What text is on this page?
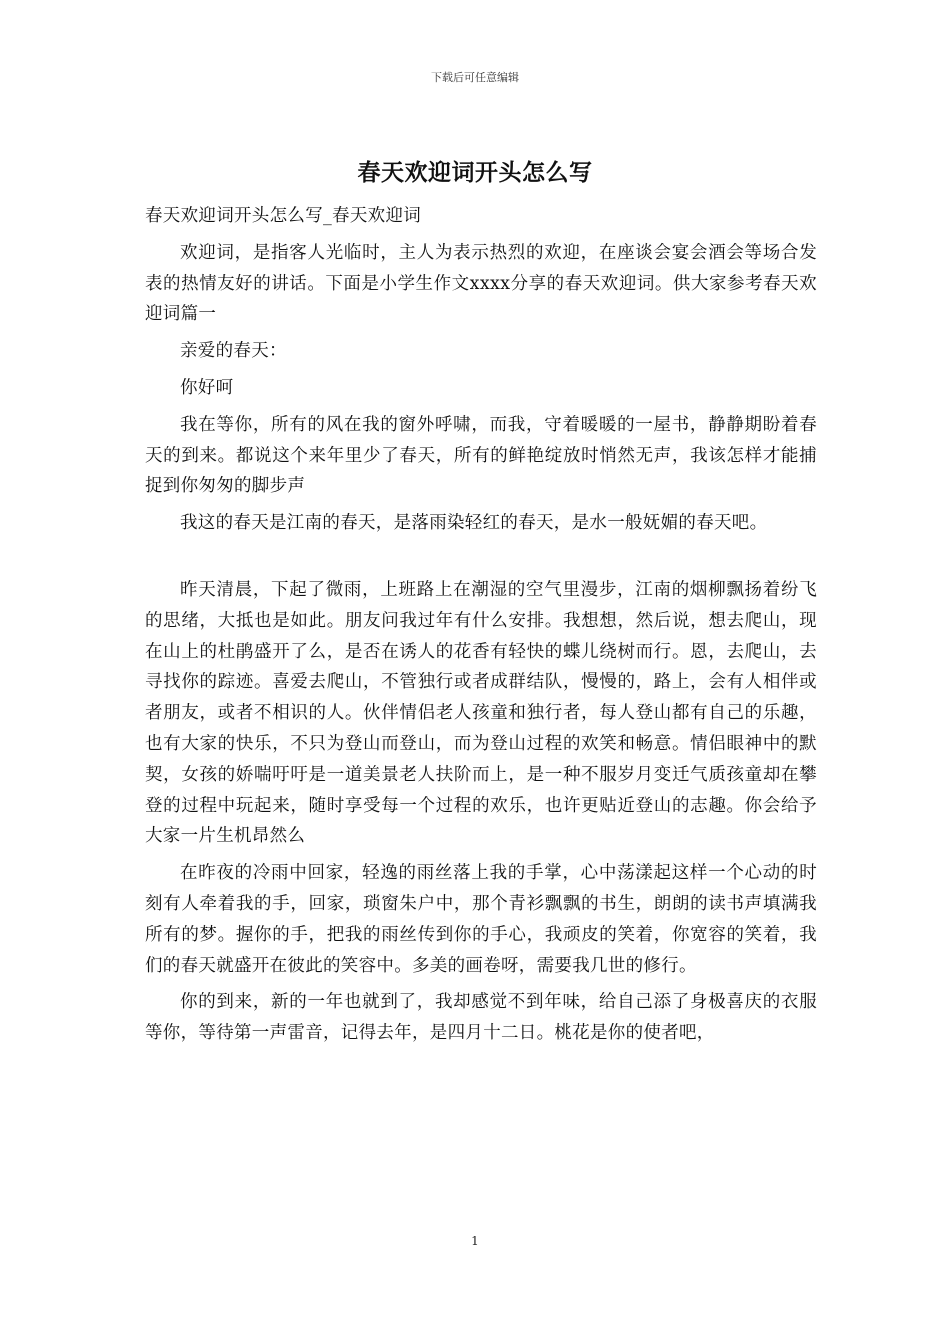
下载后可任意编辑
春天欢迎词开头怎么写

春天欢迎词开头怎么写_春天欢迎词

欢迎词，是指客人光临时，主人为表示热烈的欢迎，在座谈会宴会酒会等场合发表的热情友好的讲话。下面是小学生作文xxxx分享的春天欢迎词。供大家参考春天欢迎词篇一

亲爱的春天：

你好呵

我在等你，所有的风在我的窗外呼啸，而我，守着暖暖的一屋书，静静期盼着春天的到来。都说这个来年里少了春天，所有的鲜艳绽放时悄然无声，我该怎样才能捕捉到你匆匆的脚步声

我这的春天是江南的春天，是落雨染轻红的春天，是水一般妩媚的春天吧。

昨天清晨，下起了微雨，上班路上在潮湿的空气里漫步，江南的烟柳飘扬着纷飞的思绪，大抵也是如此。朋友问我过年有什么安排。我想想，然后说，想去爬山，现在山上的杜鹃盛开了么，是否在诱人的花香有轻快的蝶儿绕树而行。恩，去爬山，去寻找你的踪迹。喜爱去爬山，不管独行或者成群结队，慢慢的，路上，会有人相伴或者朋友，或者不相识的人。伙伴情侣老人孩童和独行者，每人登山都有自己的乐趣，也有大家的快乐，不只为登山而登山，而为登山过程的欢笑和畅意。情侣眼神中的默契，女孩的娇喘吁吁是一道美景老人扶阶而上，是一种不服岁月变迁气质孩童却在攀登的过程中玩起来，随时享受每一个过程的欢乐，也许更贴近登山的志趣。你会给予大家一片生机昂然么

在昨夜的冷雨中回家，轻逸的雨丝落上我的手掌，心中荡漾起这样一个心动的时刻有人牵着我的手，回家，琐窗朱户中，那个青衫飘飘的书生，朗朗的读书声填满我所有的梦。握你的手，把我的雨丝传到你的手心，我顽皮的笑着，你宽容的笑着，我们的春天就盛开在彼此的笑容中。多美的画卷呀，需要我几世的修行。

你的到来，新的一年也就到了，我却感觉不到年味，给自己添了身极喜庆的衣服等你，等待第一声雷音，记得去年，是四月十二日。桃花是你的使者吧，

1
